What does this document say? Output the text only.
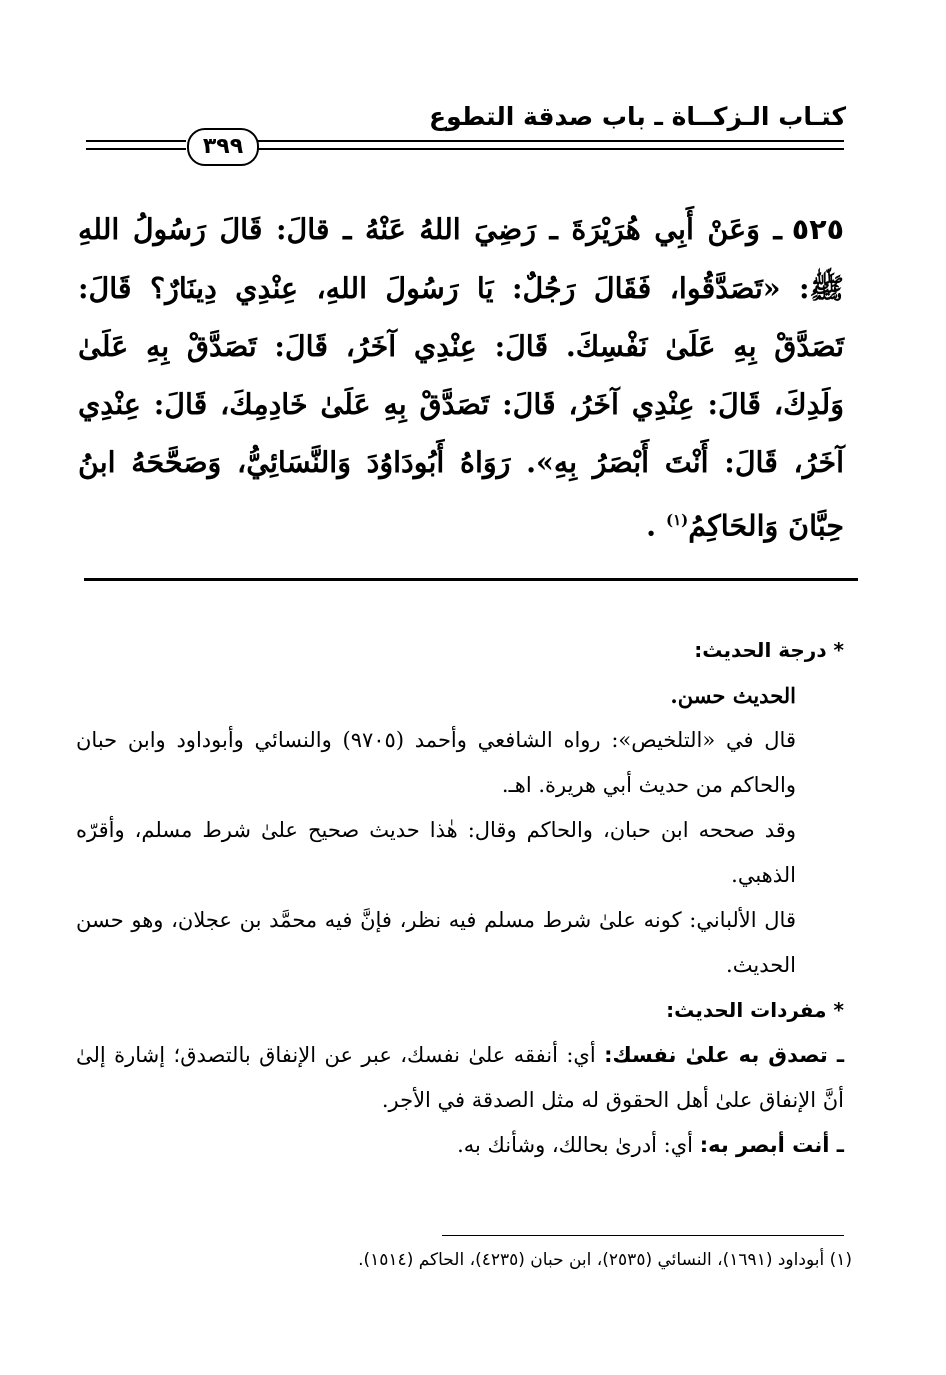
كتـاب الـزكــاة ـ باب صدقة التطوع
٣٩٩
٥٢٥ـ وَعَنْ أَبِي هُرَيْرَةَ ـ رَضِيَ اللهُ عَنْهُ ـ قالَ: قَالَ رَسُولُ اللهِ ﷺ: «تَصَدَّقُوا، فَقَالَ رَجُلٌ: يَا رَسُولَ اللهِ، عِنْدِي دِينَارٌ؟ قَالَ: تَصَدَّقْ بِهِ عَلَىٰ نَفْسِكَ. قَالَ: عِنْدِي آخَرُ، قَالَ: تَصَدَّقْ بِهِ عَلَىٰ وَلَدِكَ، قَالَ: عِنْدِي آخَرُ، قَالَ: تَصَدَّقْ بِهِ عَلَىٰ خَادِمِكَ، قَالَ: عِنْدِي آخَرُ، قَالَ: أَنْتَ أَبْصَرُ بِهِ». رَوَاهُ أَبُودَاوُدَ وَالنَّسَائِيُّ، وَصَحَّحَهُ ابنُ حِبَّانَ وَالحَاكِمُ$^{(١)}$ .

* درجة الحديث:

الحديث حسن.

قال في «التلخيص»: رواه الشافعي وأحمد (٩٧٠٥) والنسائي وأبوداود وابن حبان والحاكم من حديث أبي هريرة. اهـ.

وقد صححه ابن حبان، والحاكم وقال: هٰذا حديث صحيح علىٰ شرط مسلم، وأقرّه الذهبي.

قال الألباني: كونه علىٰ شرط مسلم فيه نظر، فإنَّ فيه محمَّد بن عجلان، وهو حسن الحديث.

* مفردات الحديث:

ـ تصدق به علىٰ نفسك: أي: أنفقه علىٰ نفسك، عبر عن الإنفاق بالتصدق؛ إشارة إلىٰ أنَّ الإنفاق علىٰ أهل الحقوق له مثل الصدقة في الأجر.

ـ أنت أبصر به: أي: أدرىٰ بحالك، وشأنك به.

(١) أبوداود (١٦٩١)، النسائي (٢٥٣٥)، ابن حبان (٤٢٣٥)، الحاكم (١٥١٤).
